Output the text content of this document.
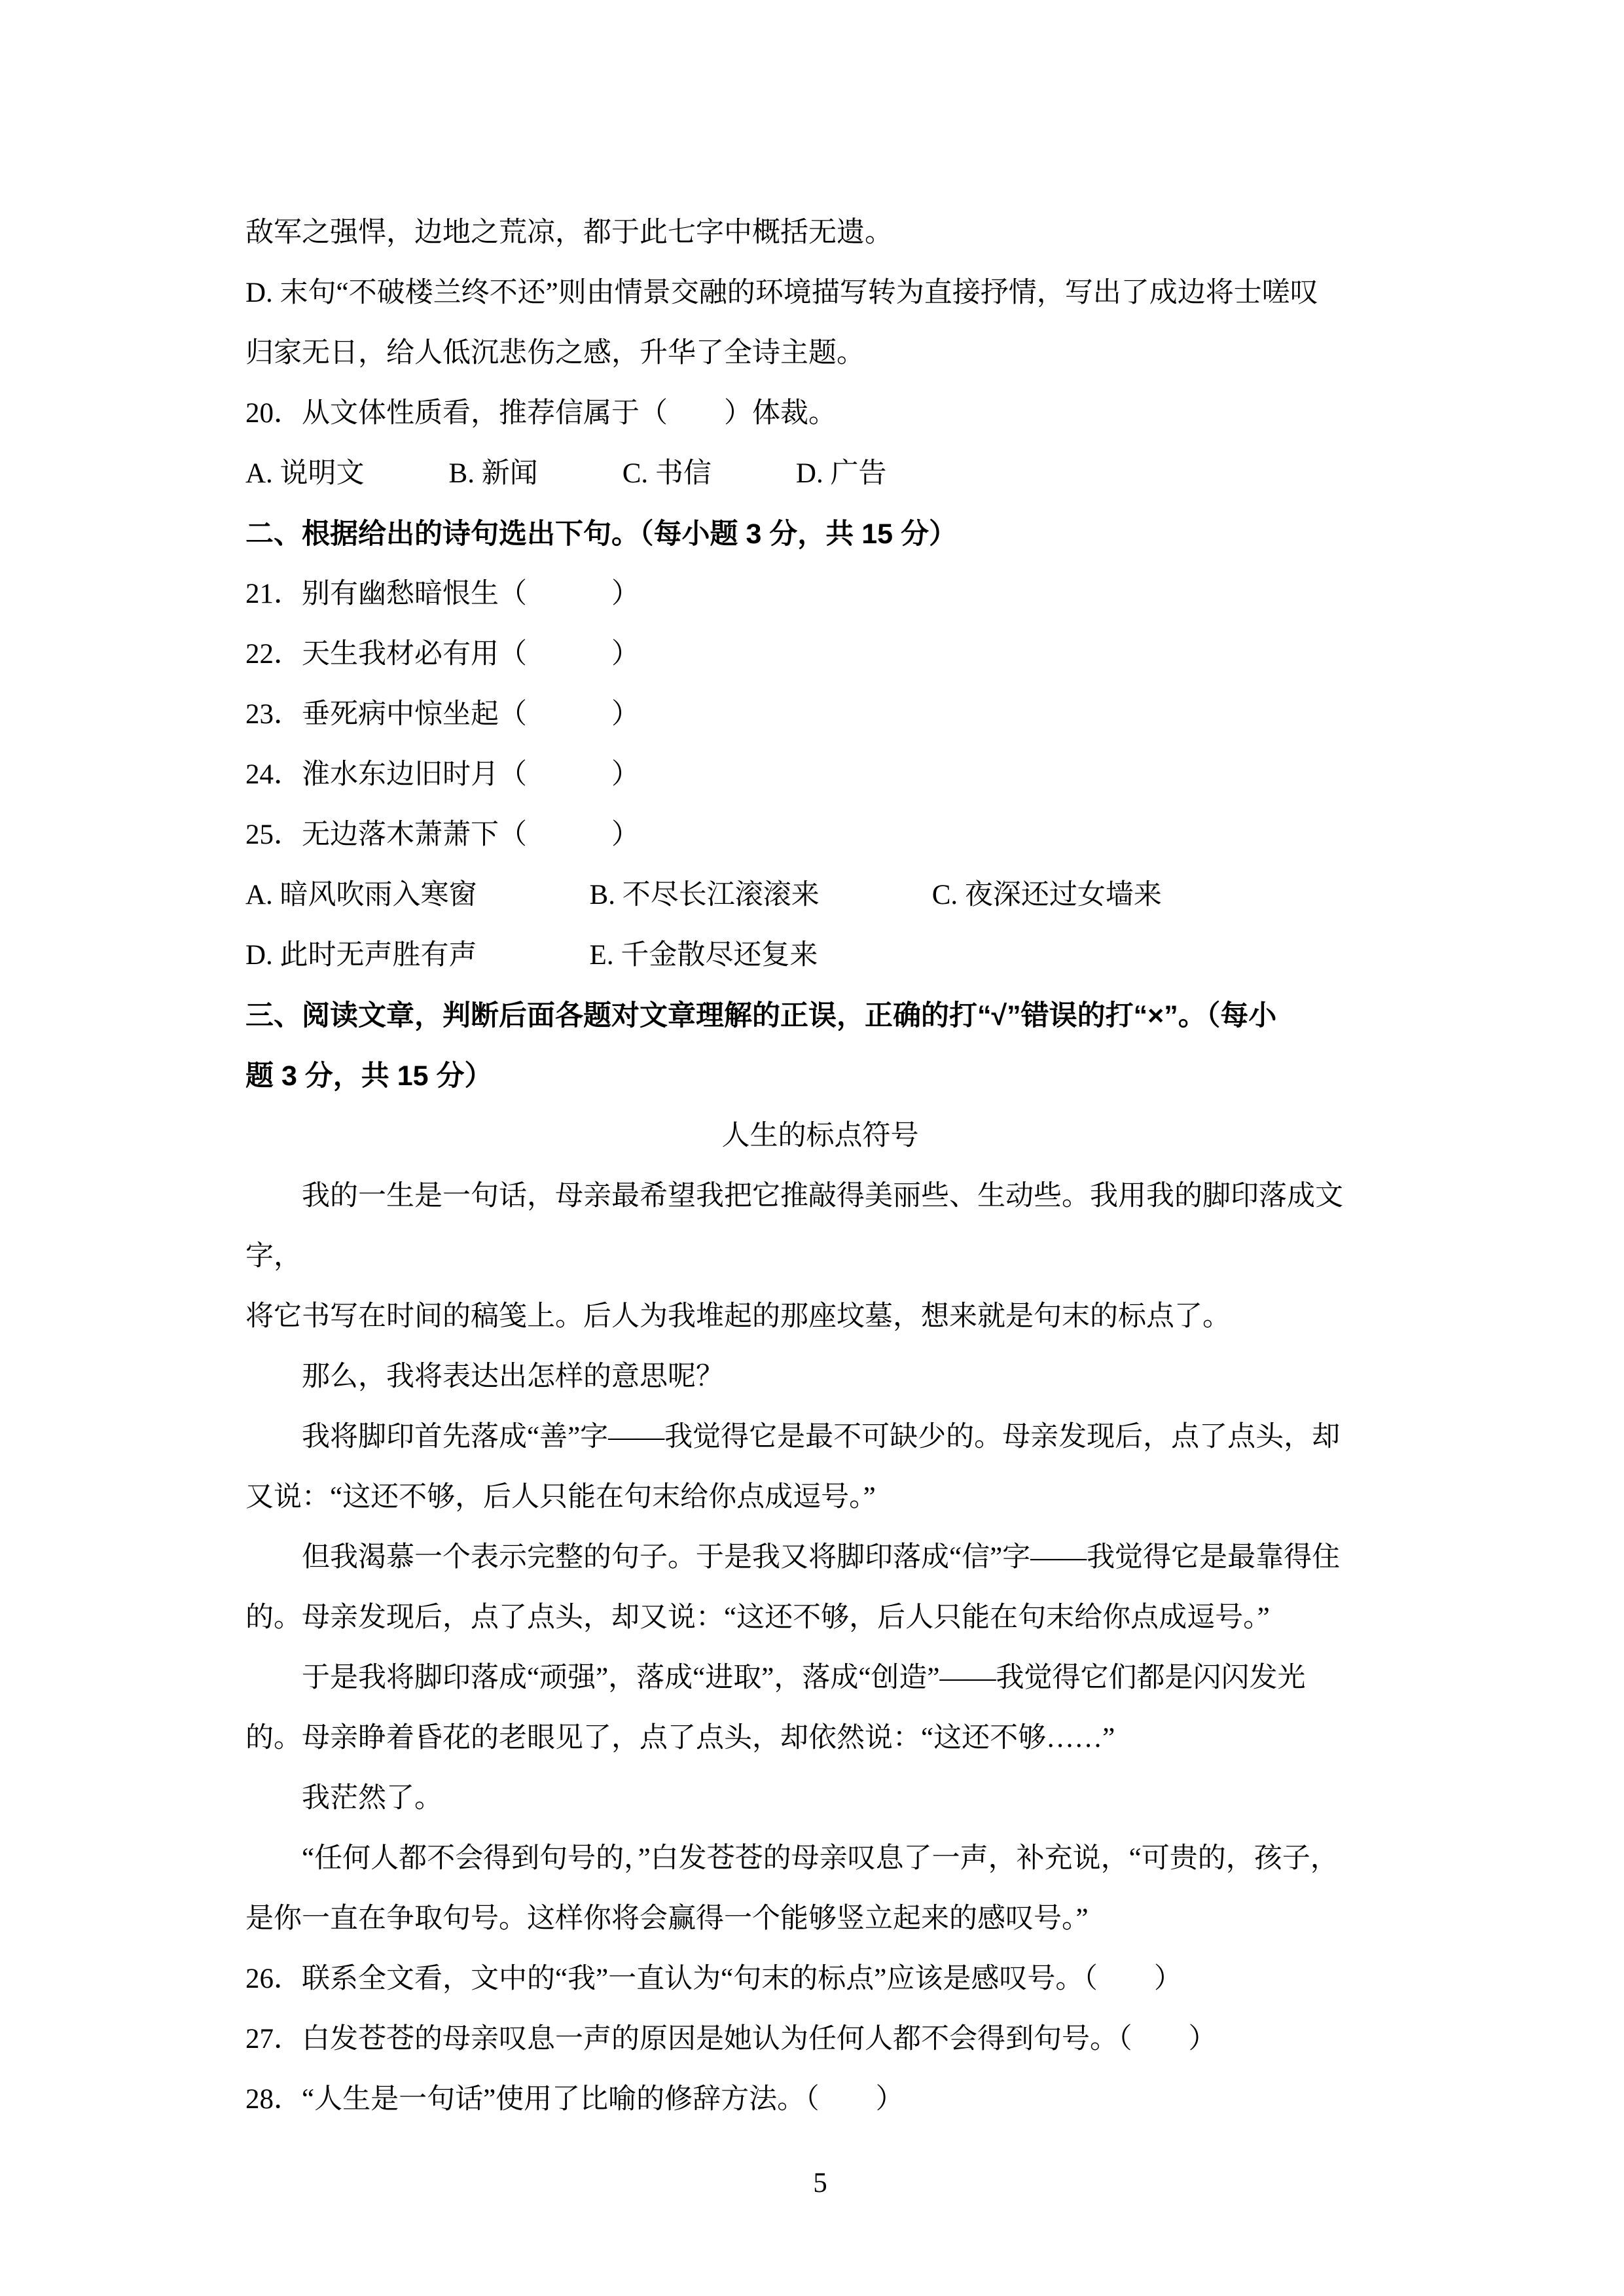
敌军之强悍，边地之荒凉，都于此七字中概括无遗。
D. 末句“不破楼兰终不还”则由情景交融的环境描写转为直接抒情，写出了成边将士嗟叹
归家无日，给人低沉悲伤之感，升华了全诗主题。
20．从文体性质看，推荐信属于（　　）体裁。
A. 说明文　　　B. 新闻　　　C. 书信　　　D. 广告
二、根据给出的诗句选出下句。（每小题 3 分，共 15 分）
21．别有幽愁暗恨生（　　　）
22．天生我材必有用（　　　）
23．垂死病中惊坐起（　　　）
24．淮水东边旧时月（　　　）
25．无边落木萧萧下（　　　）
A. 暗风吹雨入寒窗　　　　B. 不尽长江滚滚来　　　　C. 夜深还过女墙来
D. 此时无声胜有声　　　　E. 千金散尽还复来
三、阅读文章，判断后面各题对文章理解的正误，正确的打“√”错误的打“×”。（每小
题 3 分，共 15 分）
人生的标点符号
　　我的一生是一句话，母亲最希望我把它推敲得美丽些、生动些。我用我的脚印落成文字，
将它书写在时间的稿笺上。后人为我堆起的那座坟墓，想来就是句末的标点了。
　　那么，我将表达出怎样的意思呢？
　　我将脚印首先落成“善”字——我觉得它是最不可缺少的。母亲发现后，点了点头，却
又说：“这还不够，后人只能在句末给你点成逗号。”
　　但我渴慕一个表示完整的句子。于是我又将脚印落成“信”字——我觉得它是最靠得住
的。母亲发现后，点了点头，却又说：“这还不够，后人只能在句末给你点成逗号。”
　　于是我将脚印落成“顽强”，落成“进取”，落成“创造”——我觉得它们都是闪闪发光
的。母亲睁着昏花的老眼见了，点了点头，却依然说：“这还不够……”
　　我茫然了。
　　“任何人都不会得到句号的，”白发苍苍的母亲叹息了一声，补充说，“可贵的，孩子，
是你一直在争取句号。这样你将会赢得一个能够竖立起来的感叹号。”
26．联系全文看，文中的“我”一直认为“句末的标点”应该是感叹号。（　　）
27．白发苍苍的母亲叹息一声的原因是她认为任何人都不会得到句号。（　　）
28．“人生是一句话”使用了比喻的修辞方法。（　　）
5
